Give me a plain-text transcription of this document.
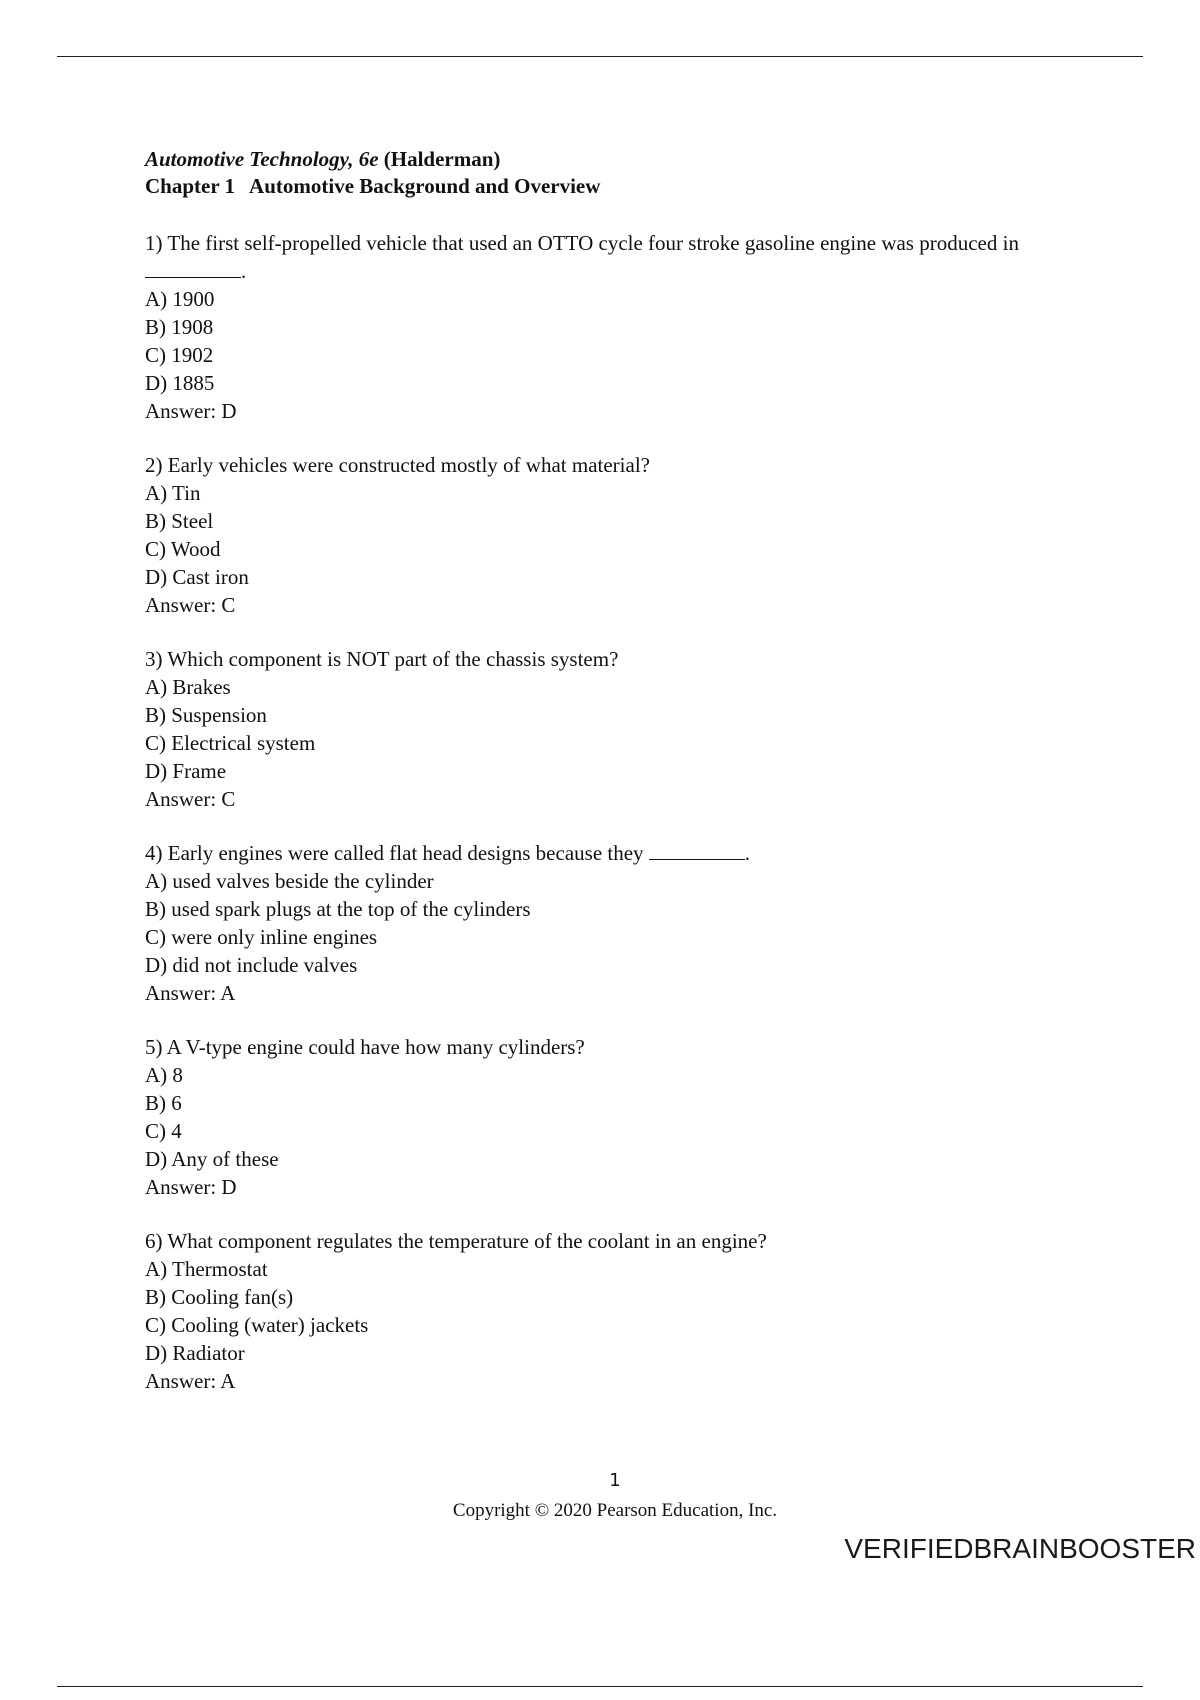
Automotive Technology, 6e (Halderman)

Chapter 1 Automotive Background and Overview

1) The first self-propelled vehicle that used an OTTO cycle four stroke gasoline engine was produced in .

A) 1900

B) 1908

C) 1902

D) 1885

Answer: D

2) Early vehicles were constructed mostly of what material?

A) Tin

B) Steel

C) Wood

D) Cast iron

Answer: C

3) Which component is NOT part of the chassis system?

A) Brakes

B) Suspension

C) Electrical system

D) Frame

Answer: C

4) Early engines were called flat head designs because they	.

A) used valves beside the cylinder

B) used spark plugs at the top of the cylinders

C) were only inline engines

D) did not include valves

Answer: A

5) A V-type engine could have how many cylinders?

A) 8

B) 6

C) 4

D) Any of these

Answer: D

6) What component regulates the temperature of the coolant in an engine?

A) Thermostat

B) Cooling fan(s)

C) Cooling (water) jackets

D) Radiator

Answer: A

1
Copyright © 2020 Pearson Education, Inc.
VERIFIEDBRAINBOOSTER
